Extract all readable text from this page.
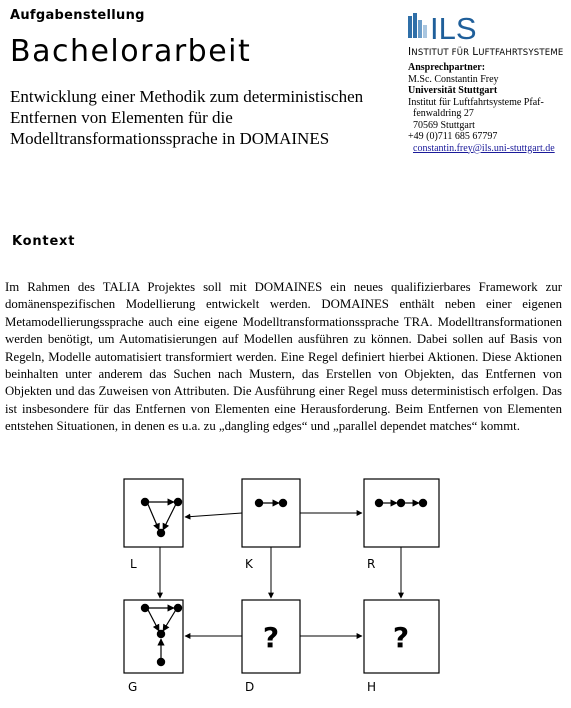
Aufgabenstellung
Bachelorarbeit
Entwicklung einer Methodik zum deterministischen Entfernen von Elementen für die Modelltransformationssprache in DOMAINES
ILS
INSTITUT FÜR LUFTFAHRTSYSTEME
Ansprechpartner:
M.Sc. Constantin Frey
Universität Stuttgart
Institut für Luftfahrtsysteme Pfaf-
fenwaldring 27
70569 Stuttgart
+49 (0)711 685 67797
constantin.frey@ils.uni-stuttgart.de
Kontext
Im Rahmen des TALIA Projektes soll mit DOMAINES ein neues qualifizierbares Framework zur domänenspezifischen Modellierung entwickelt werden. DOMAINES enthält neben einer eigenen Metamodellierungssprache auch eine eigene Modelltransformationssprache TRA. Modelltransformationen werden benötigt, um Automatisierungen auf Modellen ausführen zu können. Dabei sollen auf Basis von Regeln, Modelle automatisiert transformiert werden. Eine Regel definiert hierbei Aktionen. Diese Aktionen beinhalten unter anderem das Suchen nach Mustern, das Erstellen von Objekten, das Entfernen von Objekten und das Zuweisen von Attributen. Die Ausführung einer Regel muss deterministisch erfolgen. Das ist insbesondere für das Entfernen von Elementen eine Herausforderung. Beim Entfernen von Elementen entstehen Situationen, in denen es u.a. zu „dangling edges“ und „parallel dependet matches“ kommt.
?	?
L	K	R
G	D	H
